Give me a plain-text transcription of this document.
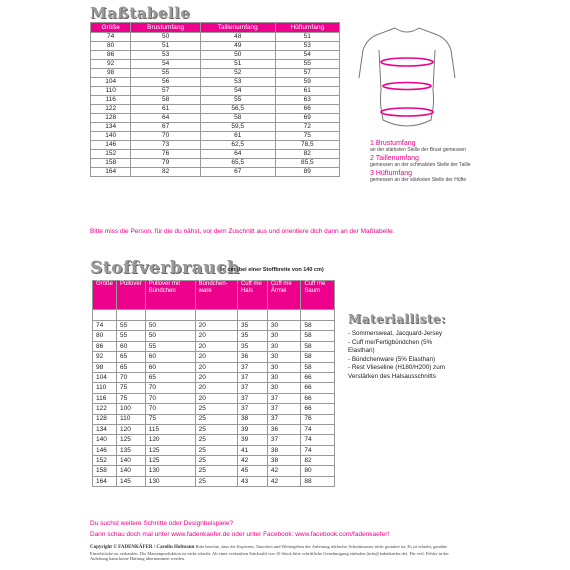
Maßtabelle
Größe	Brustumfang	Taillenumfang	Hüftumfang
74	50	48	51
80	51	49	53
86	53	50	54
92	54	51	55
98	55	52	57
104	56	53	59
110	57	54	61
116	58	55	63
122	61	56,5	66
128	64	58	69
134	67	59,5	72
140	70	61	75
146	73	62,5	78,5
152	76	64	82
158	79	65,5	85,5
164	82	67	89
1 Brustumfang
an der stärksten Stelle der Brust gemessen
2 Taillenumfang
gemessen an der schmalsten Stelle der Taille
3 Hüftumfang
gemessen an der stärksten Stelle der Hüfte
Bitte miss die Person, für die du nähst, vor dem Zuschnitt aus und orientiere dich dann an der Maßtabelle.
Stoffverbrauch
in cm (bei einer Stoffbreite von 140 cm)
Größe	Pullover	Pullover mit Bündchen	Bündchen-ware	Cuff me Hals	Cuff me Ärmel	Cuff me Saum

74	55	50	20	35	30	58
80	55	50	20	35	30	58
86	60	55	20	35	30	58
92	65	60	20	36	30	58
98	65	60	20	37	30	58
104	70	65	20	37	30	66
110	75	70	20	37	30	66
116	75	70	20	37	37	66
122	100	70	25	37	37	66
128	110	75	25	38	37	76
134	120	115	25	39	36	74
140	125	120	25	39	37	74
146	135	125	25	41	38	74
152	140	125	25	42	38	82
158	140	130	25	45	42	80
164	145	130	25	43	42	88
Materialliste:
- Sommersweat, Jacquard-Jersey
- Cuff me/Fertigbündchen (5% Elasthan)
- Bündchenware (5% Elasthan)
- Rest Vlieseline (H180/H200) zum Verstärken des Halsausschnitts
Du suchst weitere Schnitte oder Designbeispiele?
Dann schau doch mal unter www.fadenkaefer.de oder unter Facebook: www.facebook.com/fadenkaefer!
Copyright © FADENKÄFER / Carolin Hofmann Bitte beachte, dass die Kopieren, Tauschen und Weitergeben der Anleitung inklusive Schnittmuster nicht gestattet ist. Es ist erlaubt, genähte Einzelstücke zu verkaufen. Die Massenproduktion ist nicht erlaubt. Ab einer verkauften Stückzahl von 10 Stück bitte schriftliche Genehmigung einholen (info@fadenkaefer.de). Für evtl. Fehler in der Anleitung kann keine Haftung übernommen werden.
